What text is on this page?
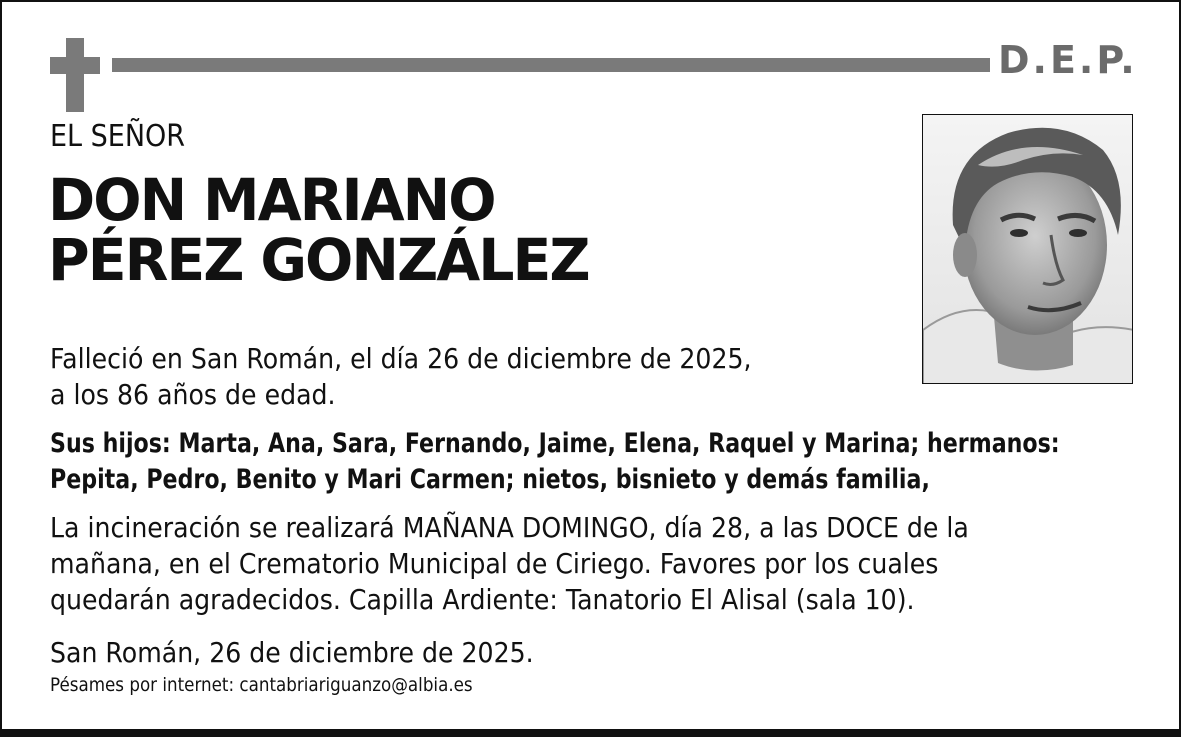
D.E.P.
EL SEÑOR
DON MARIANO
PÉREZ GONZÁLEZ
Falleció en San Román, el día 26 de diciembre de 2025,
a los 86 años de edad.
Sus hijos: Marta, Ana, Sara, Fernando, Jaime, Elena, Raquel y Marina; hermanos:
Pepita, Pedro, Benito y Mari Carmen; nietos, bisnieto y demás familia,
La incineración se realizará MAÑANA DOMINGO, día 28, a las DOCE de la
mañana, en el Crematorio Municipal de Ciriego. Favores por los cuales
quedarán agradecidos. Capilla Ardiente: Tanatorio El Alisal (sala 10).
San Román, 26 de diciembre de 2025.
Pésames por internet: cantabriariguanzo@albia.es
